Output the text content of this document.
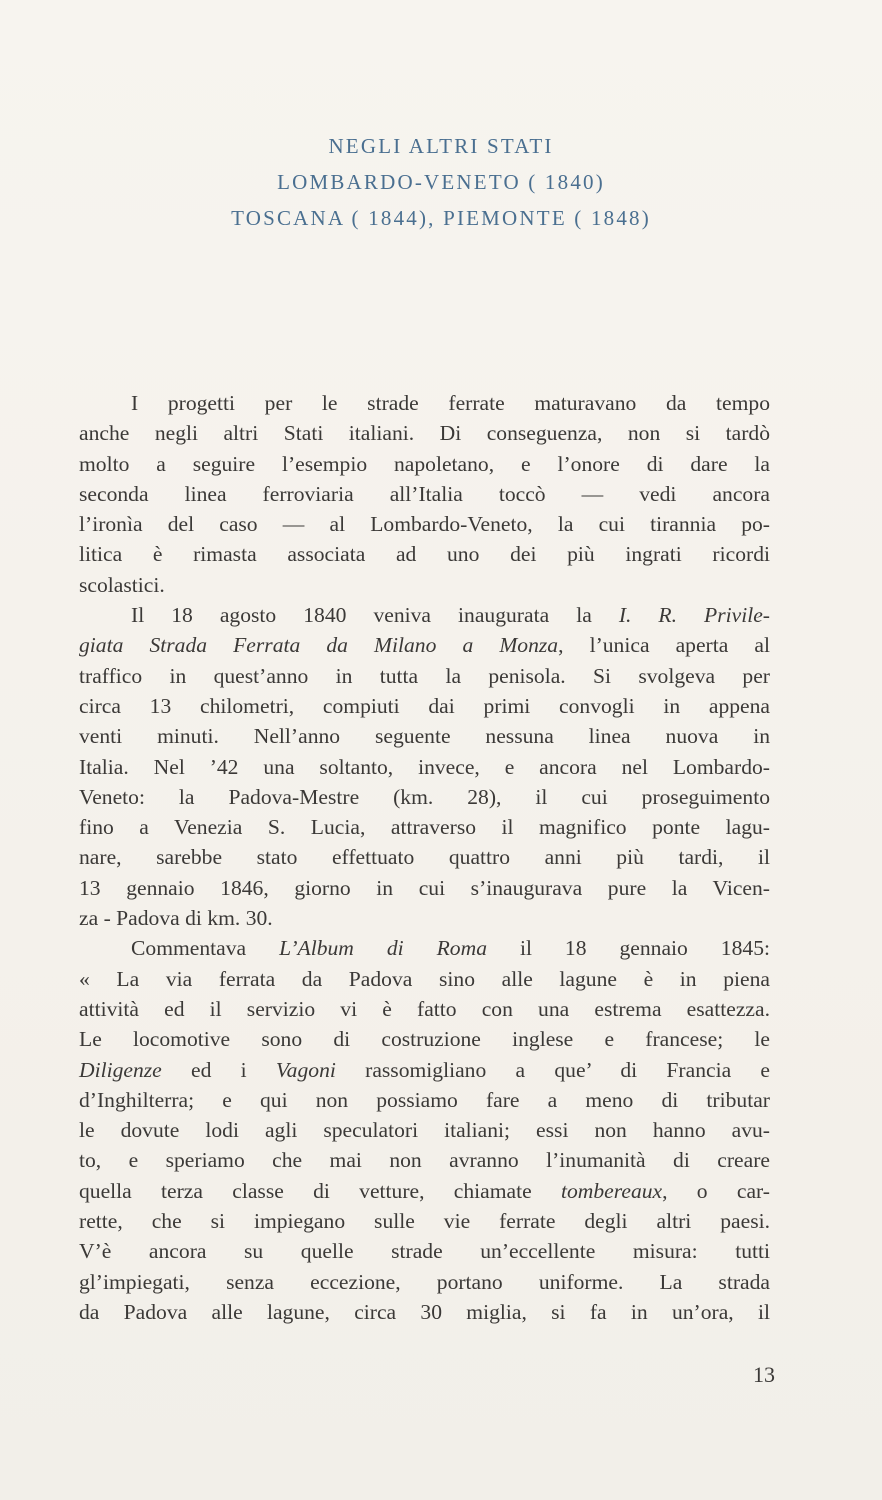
NEGLI ALTRI STATI
LOMBARDO-VENETO ( 1840)
TOSCANA ( 1844), PIEMONTE ( 1848)
I progetti per le strade ferrate maturavano da tempo
anche negli altri Stati italiani. Di conseguenza, non si tardò
molto a seguire l’esempio napoletano, e l’onore di dare la
seconda linea ferroviaria all’Italia toccò — vedi ancora
l’ironìa del caso — al Lombardo-Veneto, la cui tirannia po-
litica è rimasta associata ad uno dei più ingrati ricordi
scolastici.
Il 18 agosto 1840 veniva inaugurata la I. R. Privile-
giata Strada Ferrata da Milano a Monza, l’unica aperta al
traffico in quest’anno in tutta la penisola. Si svolgeva per
circa 13 chilometri, compiuti dai primi convogli in appena
venti minuti. Nell’anno seguente nessuna linea nuova in
Italia. Nel ’42 una soltanto, invece, e ancora nel Lombardo-
Veneto: la Padova-Mestre (km. 28), il cui proseguimento
fino a Venezia S. Lucia, attraverso il magnifico ponte lagu-
nare, sarebbe stato effettuato quattro anni più tardi, il
13 gennaio 1846, giorno in cui s’inaugurava pure la Vicen-
za - Padova di km. 30.
Commentava L’Album di Roma il 18 gennaio 1845:
« La via ferrata da Padova sino alle lagune è in piena
attività ed il servizio vi è fatto con una estrema esattezza.
Le locomotive sono di costruzione inglese e francese; le
Diligenze ed i Vagoni rassomigliano a que’ di Francia e
d’Inghilterra; e qui non possiamo fare a meno di tributar
le dovute lodi agli speculatori italiani; essi non hanno avu-
to, e speriamo che mai non avranno l’inumanità di creare
quella terza classe di vetture, chiamate tombereaux, o car-
rette, che si impiegano sulle vie ferrate degli altri paesi.
V’è ancora su quelle strade un’eccellente misura: tutti
gl’impiegati, senza eccezione, portano uniforme. La strada
da Padova alle lagune, circa 30 miglia, si fa in un’ora, il
13
